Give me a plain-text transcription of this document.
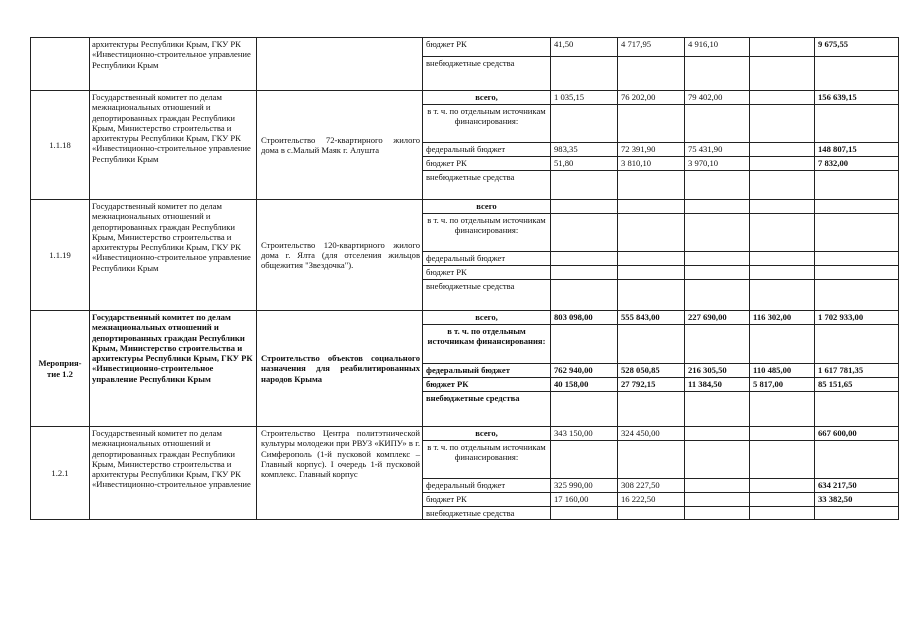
	архитектуры Республики Крым, ГКУ РК «Инвестиционно-строительное управление Республики Крым		бюджет РК	41,50	4 717,95	4 916,10		9 675,55
			внебюджетные средства					
1.1.18	Государственный комитет по делам межнациональных отношений и депортированных граждан Республики Крым, Министерство строительства и архитектуры Республики Крым, ГКУ РК «Инвестиционно-строительное управление Республики Крым	Строительство 72-квартирного жилого дома в с.Малый Маяк г. Алушта	всего,	1 035,15	76 202,00	79 402,00		156 639,15
			в т. ч. по отдельным источникам финансирования:					
			федеральный бюджет	983,35	72 391,90	75 431,90		148 807,15
			бюджет РК	51,80	3 810,10	3 970,10		7 832,00
			внебюджетные средства					
1.1.19	Государственный комитет по делам межнациональных отношений и депортированных граждан Республики Крым, Министерство строительства и архитектуры Республики Крым, ГКУ РК «Инвестиционно-строительное управление Республики Крым	Строительство 120-квартирного жилого дома г. Ялта (для отселения жильцов общежития "Звездочка").	всего					
			в т. ч. по отдельным источникам финансирования:					
			федеральный бюджет					
			бюджет РК					
			внебюджетные средства					
Мероприя-тие 1.2	Государственный комитет по делам межнациональных отношений и депортированных граждан Республики Крым, Министерство строительства и архитектуры Республики Крым, ГКУ РК «Инвестиционно-строительное управление Республики Крым	Строительство объектов социального назначения для реабилитированных народов Крыма	всего,	803 098,00	555 843,00	227 690,00	116 302,00	1 702 933,00
			в т. ч. по отдельным источникам финансирования:					
			федеральный бюджет	762 940,00	528 050,85	216 305,50	110 485,00	1 617 781,35
			бюджет РК	40 158,00	27 792,15	11 384,50	5 817,00	85 151,65
			внебюджетные средства					
1.2.1	Государственный комитет по делам межнациональных отношений и депортированных граждан Республики Крым, Министерство строительства и архитектуры Республики Крым, ГКУ РК «Инвестиционно-строительное управление	Строительство Центра политэтнической культуры молодежи при РВУЗ «КИПУ» в г. Симферополь (1-й пусковой комплекс – Главный корпус). I очередь 1-й пусковой комплекс. Главный корпус	всего,	343 150,00	324 450,00			667 600,00
			в т. ч. по отдельным источникам финансирования:					
			федеральный бюджет	325 990,00	308 227,50			634 217,50
			бюджет РК	17 160,00	16 222,50			33 382,50
			внебюджетные средства					
